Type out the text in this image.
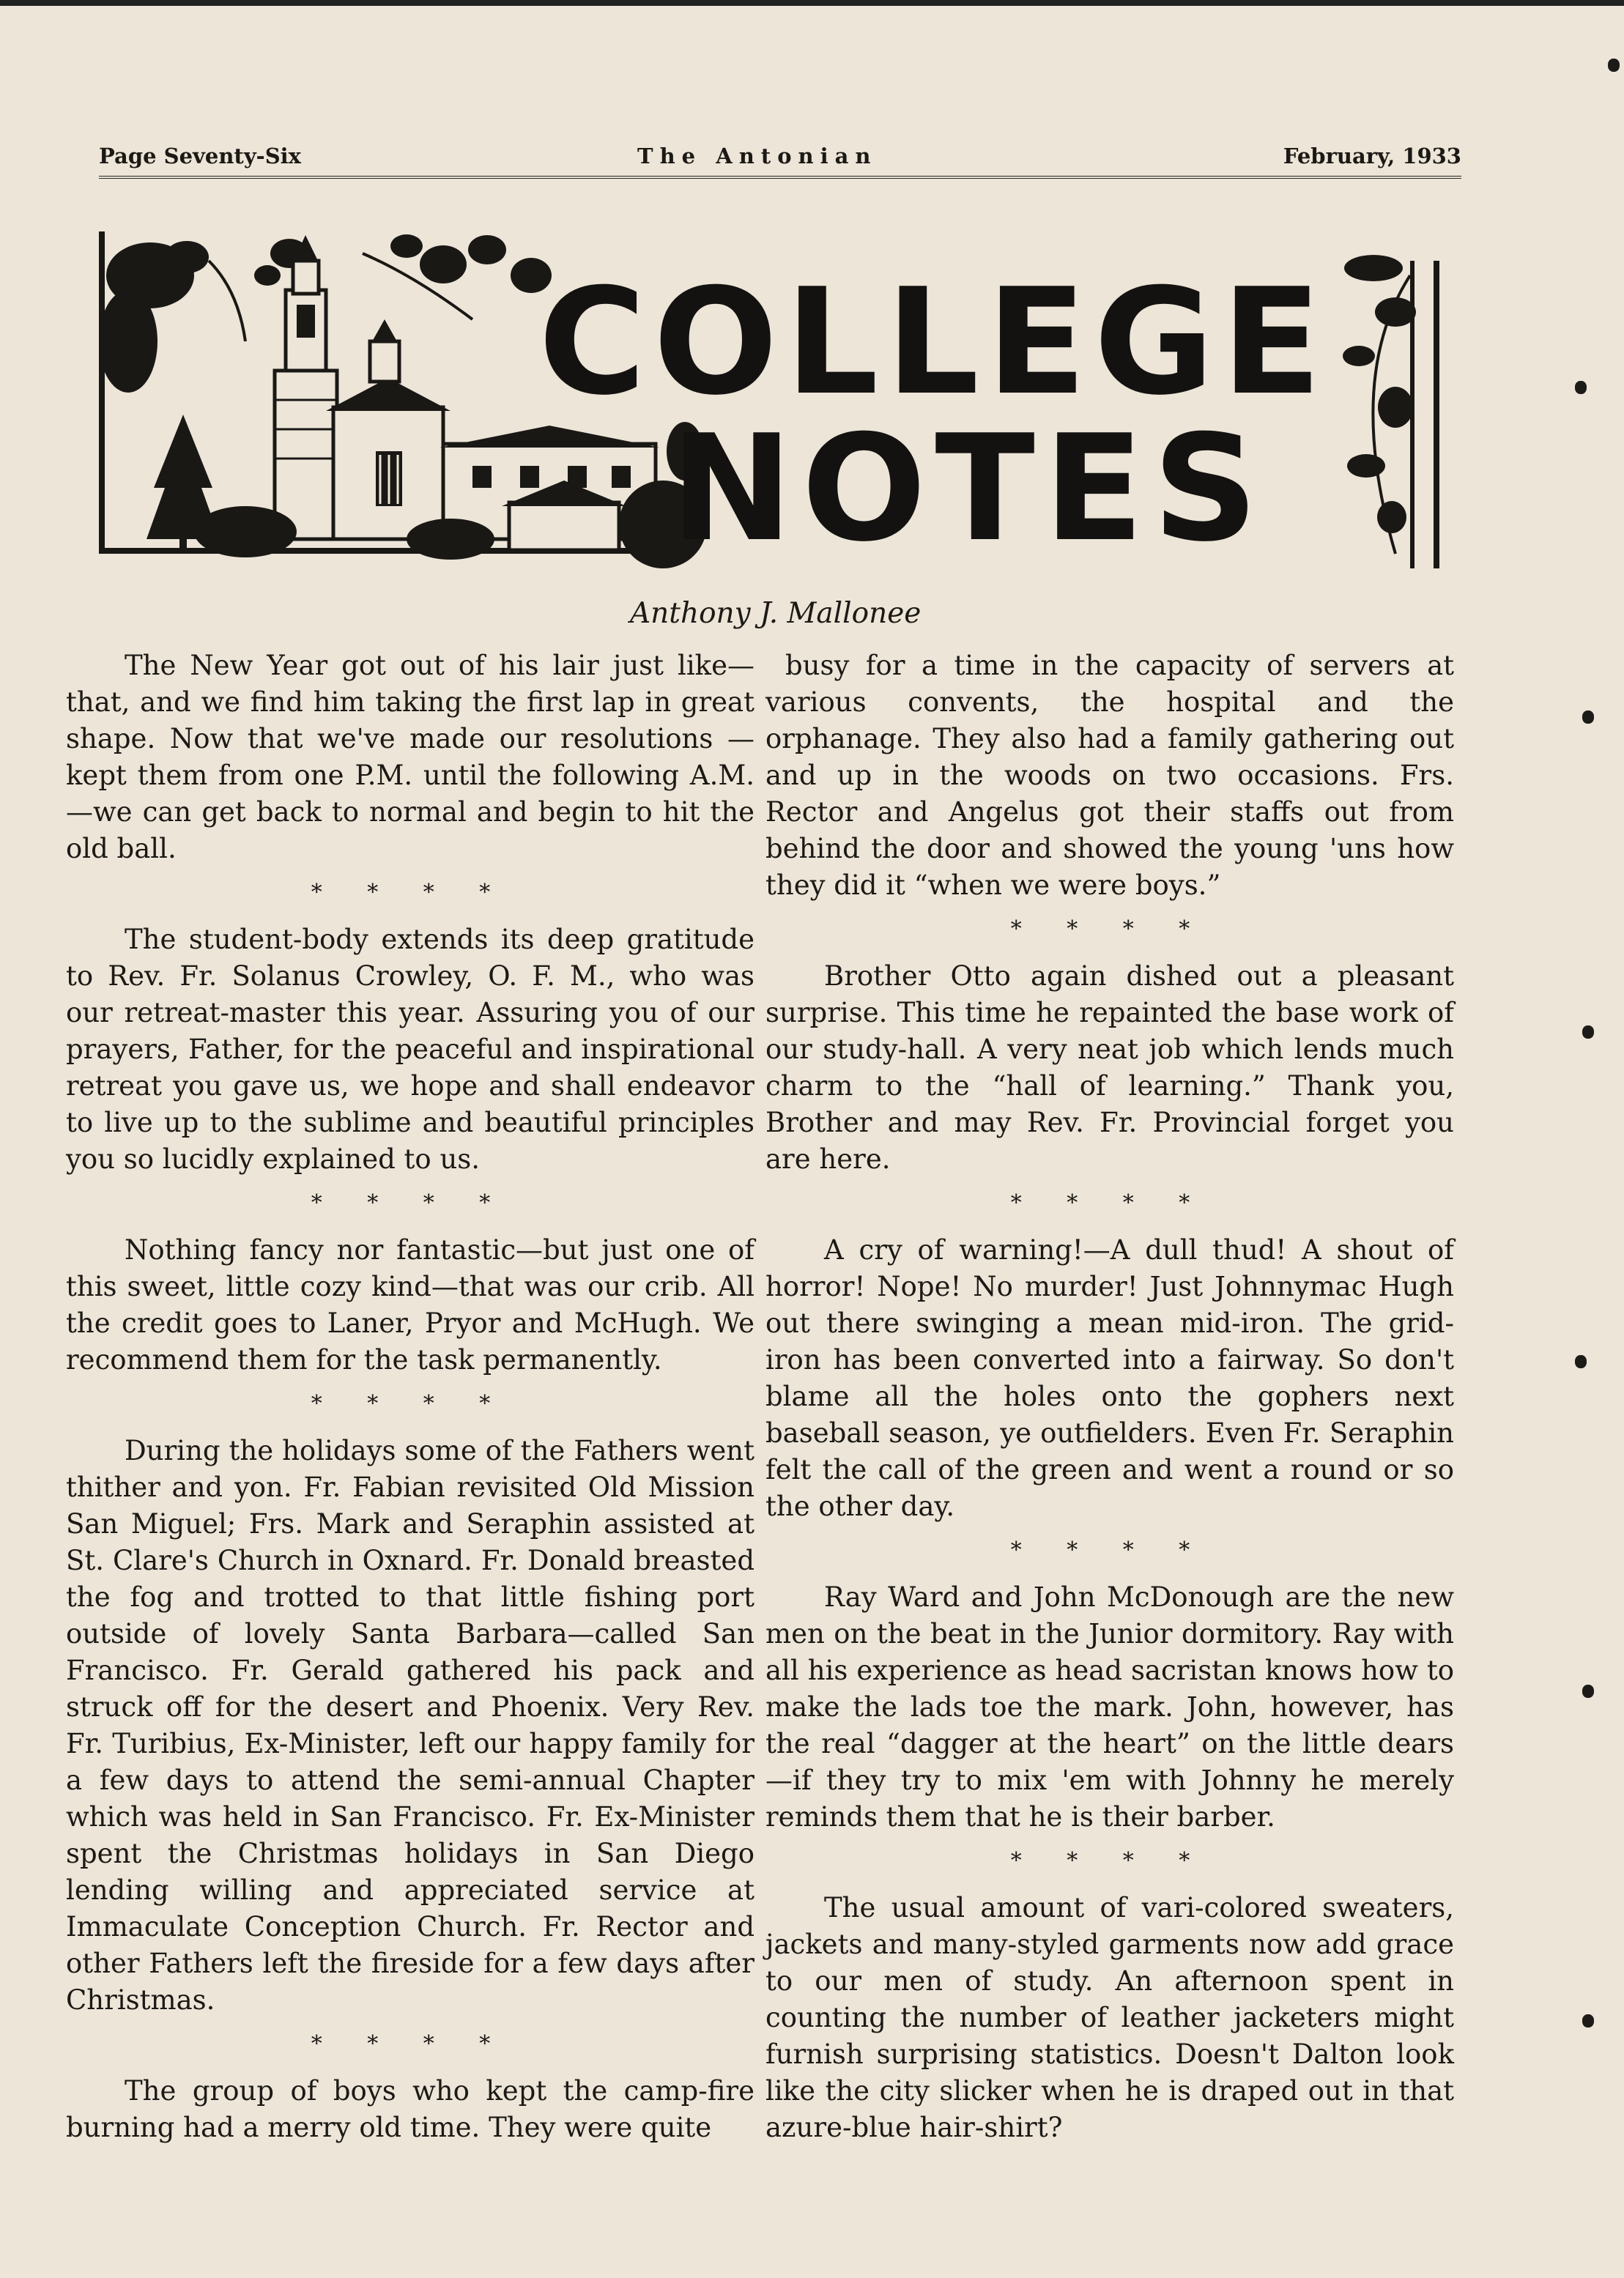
Page Seventy-Six	The Antonian	February, 1933
COLLEGE
NOTES
Anthony J. Mallonee

The New Year got out of his lair just like— that, and we find him taking the first lap in great shape. Now that we've made our resolutions —kept them from one P.M. until the following A.M.—we can get back to normal and begin to hit the old ball.

* * * *

The student-body extends its deep gratitude to Rev. Fr. Solanus Crowley, O. F. M., who was our retreat-master this year. Assuring you of our prayers, Father, for the peaceful and inspirational retreat you gave us, we hope and shall endeavor to live up to the sublime and beautiful principles you so lucidly explained to us.

* * * *

Nothing fancy nor fantastic—but just one of this sweet, little cozy kind—that was our crib. All the credit goes to Laner, Pryor and McHugh. We recommend them for the task permanently.

* * * *

During the holidays some of the Fathers went thither and yon. Fr. Fabian revisited Old Mission San Miguel; Frs. Mark and Seraphin assisted at St. Clare's Church in Oxnard. Fr. Donald breasted the fog and trotted to that little fishing port outside of lovely Santa Barbara—called San Francisco. Fr. Gerald gathered his pack and struck off for the desert and Phoenix. Very Rev. Fr. Turibius, Ex-Minister, left our happy family for a few days to attend the semi-annual Chapter which was held in San Francisco. Fr. Ex-Minister spent the Christmas holidays in San Diego lending willing and appreciated service at Immaculate Conception Church. Fr. Rector and other Fathers left the fireside for a few days after Christmas.

* * * *

The group of boys who kept the camp-fire burning had a merry old time. They were quite

busy for a time in the capacity of servers at various convents, the hospital and the orphanage. They also had a family gathering out and up in the woods on two occasions. Frs. Rector and Angelus got their staffs out from behind the door and showed the young 'uns how they did it “when we were boys.”

* * * *

Brother Otto again dished out a pleasant surprise. This time he repainted the base work of our study-hall. A very neat job which lends much charm to the “hall of learning.” Thank you, Brother and may Rev. Fr. Provincial forget you are here.

* * * *

A cry of warning!—A dull thud! A shout of horror! Nope! No murder! Just Johnnymac Hugh out there swinging a mean mid-iron. The grid-iron has been converted into a fairway. So don't blame all the holes onto the gophers next baseball season, ye outfielders. Even Fr. Seraphin felt the call of the green and went a round or so the other day.

* * * *

Ray Ward and John McDonough are the new men on the beat in the Junior dormitory. Ray with all his experience as head sacristan knows how to make the lads toe the mark. John, however, has the real “dagger at the heart” on the little dears—if they try to mix 'em with Johnny he merely reminds them that he is their barber.

* * * *

The usual amount of vari-colored sweaters, jackets and many-styled garments now add grace to our men of study. An afternoon spent in counting the number of leather jacketers might furnish surprising statistics. Doesn't Dalton look like the city slicker when he is draped out in that azure-blue hair-shirt?
